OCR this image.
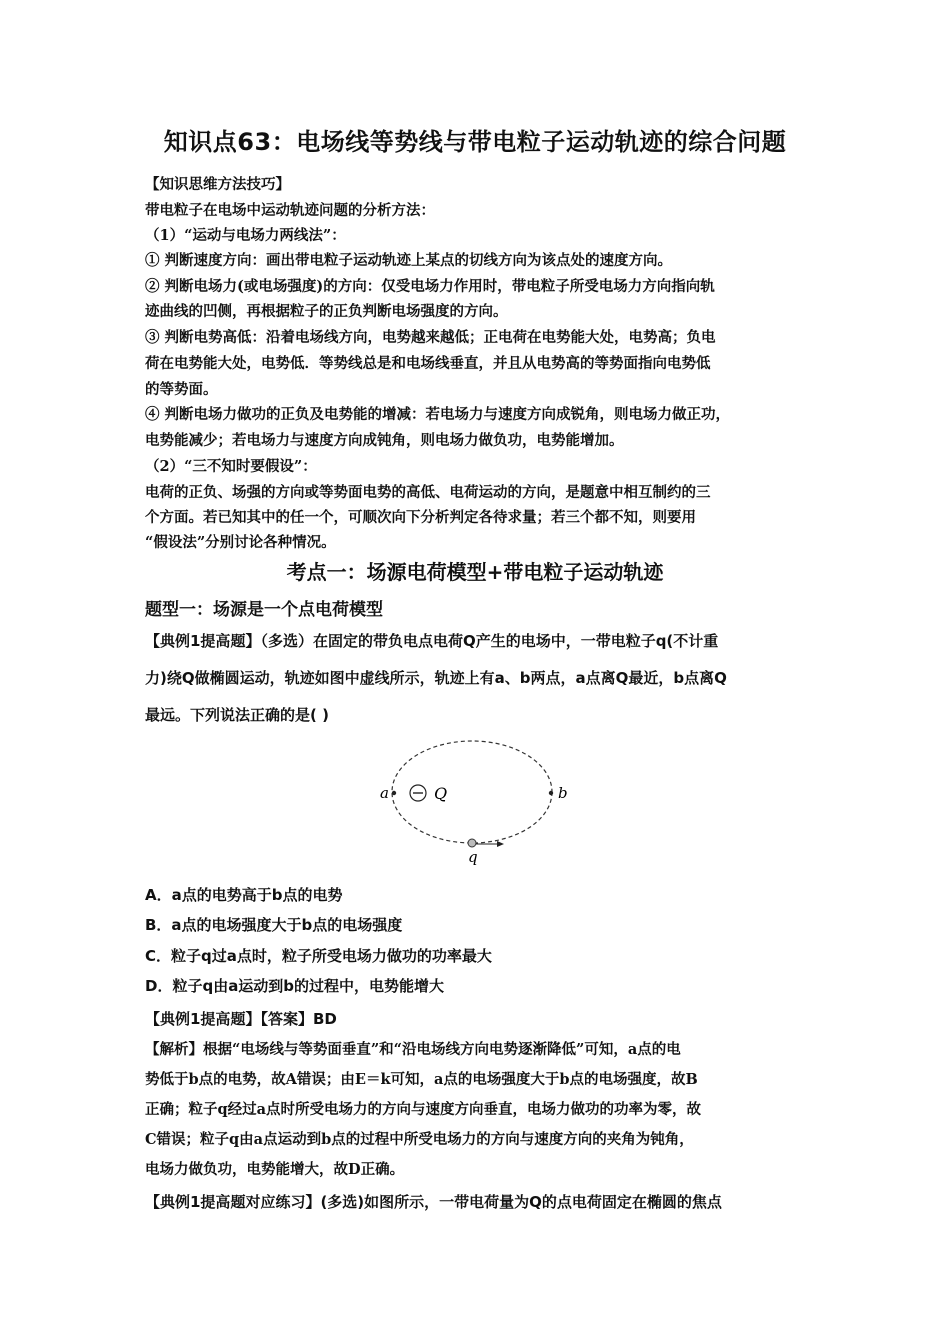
知识点63：电场线等势线与带电粒子运动轨迹的综合问题
【知识思维方法技巧】
带电粒子在电场中运动轨迹问题的分析方法：
（1）“运动与电场力两线法”：
① 判断速度方向：画出带电粒子运动轨迹上某点的切线方向为该点处的速度方向。
② 判断电场力(或电场强度)的方向：仅受电场力作用时，带电粒子所受电场力方向指向轨
迹曲线的凹侧，再根据粒子的正负判断电场强度的方向。
③ 判断电势高低：沿着电场线方向，电势越来越低；正电荷在电势能大处，电势高；负电
荷在电势能大处，电势低．等势线总是和电场线垂直，并且从电势高的等势面指向电势低
的等势面。
④ 判断电场力做功的正负及电势能的增减：若电场力与速度方向成锐角，则电场力做正功，
电势能减少；若电场力与速度方向成钝角，则电场力做负功，电势能增加。
（2）“三不知时要假设”：
电荷的正负、场强的方向或等势面电势的高低、电荷运动的方向，是题意中相互制约的三
个方面。若已知其中的任一个，可顺次向下分析判定各待求量；若三个都不知，则要用
“假设法”分别讨论各种情况。
考点一：场源电荷模型+带电粒子运动轨迹
题型一：场源是一个点电荷模型
【典例1提高题】（多选）在固定的带负电点电荷Q产生的电场中，一带电粒子q(不计重
力)绕Q做椭圆运动，轨迹如图中虚线所示，轨迹上有a、b两点，a点离Q最近，b点离Q
最远。下列说法正确的是( )
a	b
Q
q
A．a点的电势高于b点的电势
B．a点的电场强度大于b点的电场强度
C．粒子q过a点时，粒子所受电场力做功的功率最大
D．粒子q由a运动到b的过程中，电势能增大
【典例1提高题】【答案】BD
【解析】根据“电场线与等势面垂直”和“沿电场线方向电势逐渐降低”可知，a点的电
势低于b点的电势，故A错误；由E＝k可知，a点的电场强度大于b点的电场强度，故B
正确；粒子q经过a点时所受电场力的方向与速度方向垂直，电场力做功的功率为零，故
C错误；粒子q由a点运动到b点的过程中所受电场力的方向与速度方向的夹角为钝角，
电场力做负功，电势能增大，故D正确。
【典例1提高题对应练习】(多选)如图所示，一带电荷量为Q的点电荷固定在椭圆的焦点
